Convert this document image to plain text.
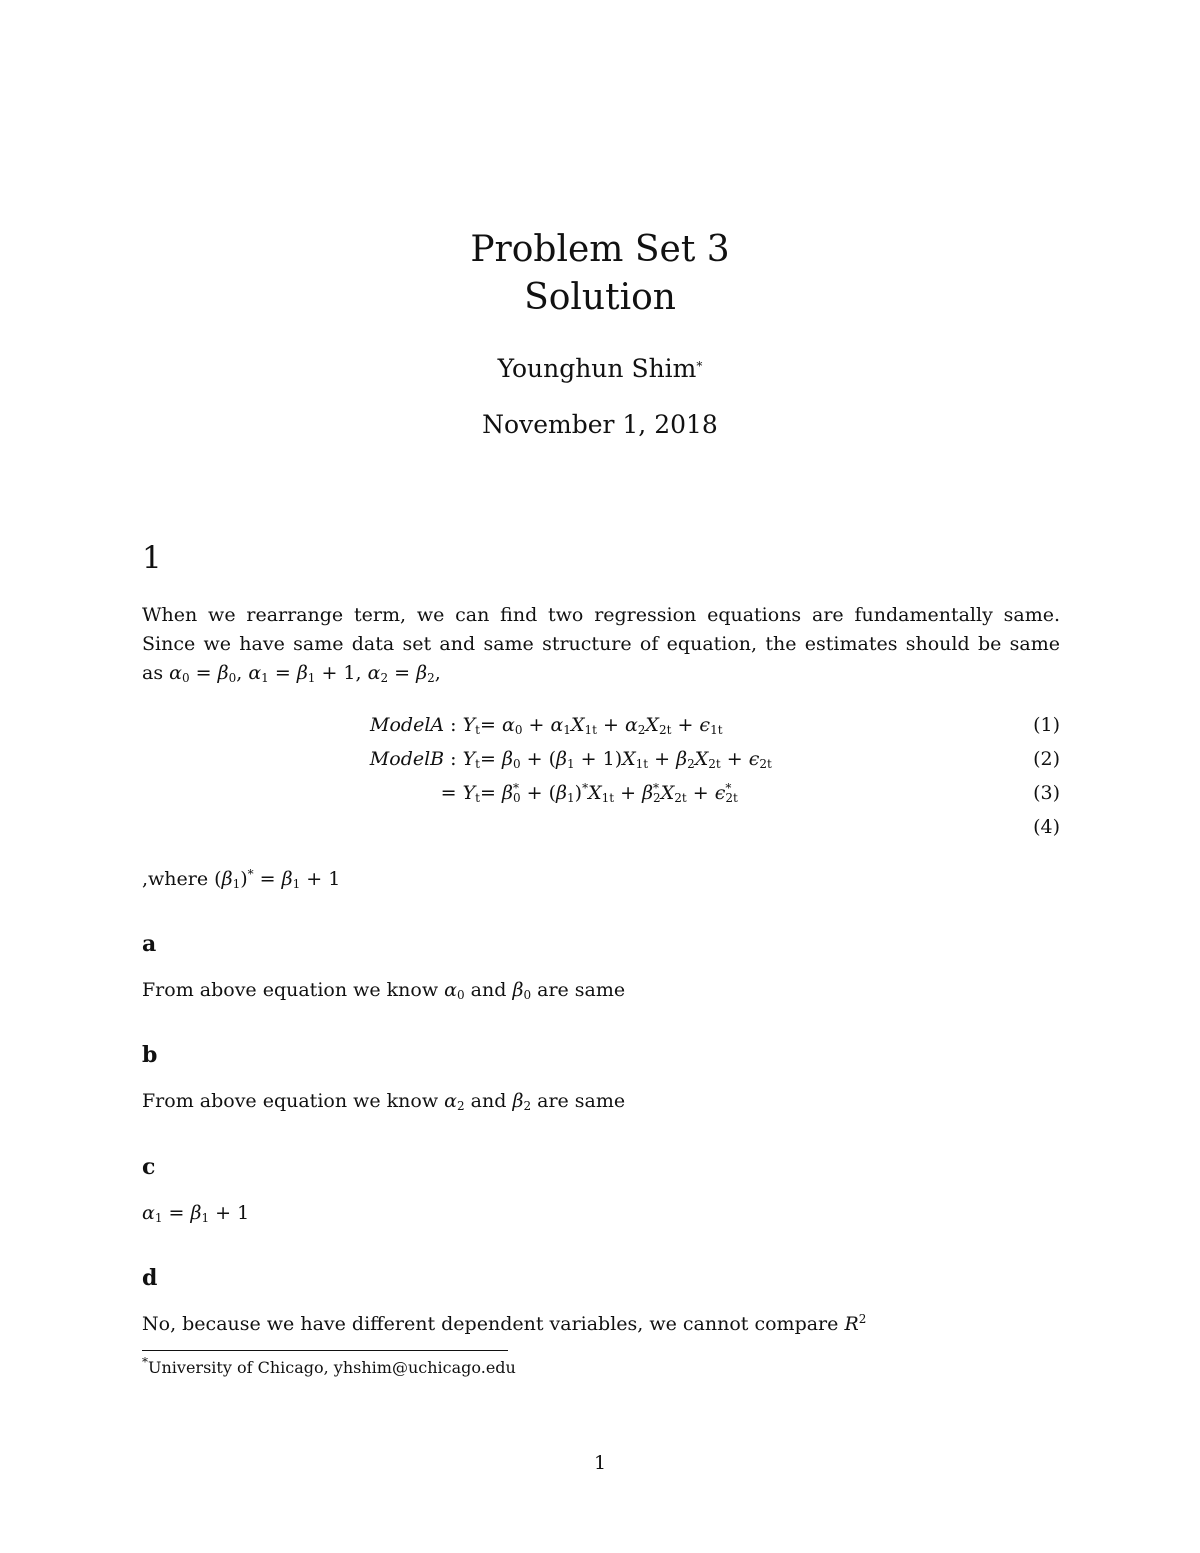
Problem Set 3
Solution
Younghun Shim*
November 1, 2018
1
When we rearrange term, we can find two regression equations are fundamentally same.
Since we have same data set and same structure of equation, the estimates should be same
as $\alpha_0 = \beta_0$, $\alpha_1 = \beta_1 + 1$, $\alpha_2 = \beta_2$,
ModelA : $Y_t = \alpha_0 + \alpha_1X_{1t} + \alpha_2X_{2t} + \epsilon_{1t}$	(1)
ModelB : $Y_t = \beta_0 + (\beta_1 + 1)X_{1t} + \beta_2X_{2t} + \epsilon_{2t}$	(2)
= $Y_t = \beta^*_0 + (\beta_1)^*X_{1t} + \beta^*_2X_{2t} + \epsilon^*_{2t}$	(3)
(4)
,where $(\beta_1)^* = \beta_1 + 1$
a
From above equation we know $\alpha_0$ and $\beta_0$ are same
b
From above equation we know $\alpha_2$ and $\beta_2$ are same
c
$\alpha_1 = \beta_1 + 1$
d
No, because we have different dependent variables, we cannot compare $R^2$
*University of Chicago, yhshim@uchicago.edu
1
